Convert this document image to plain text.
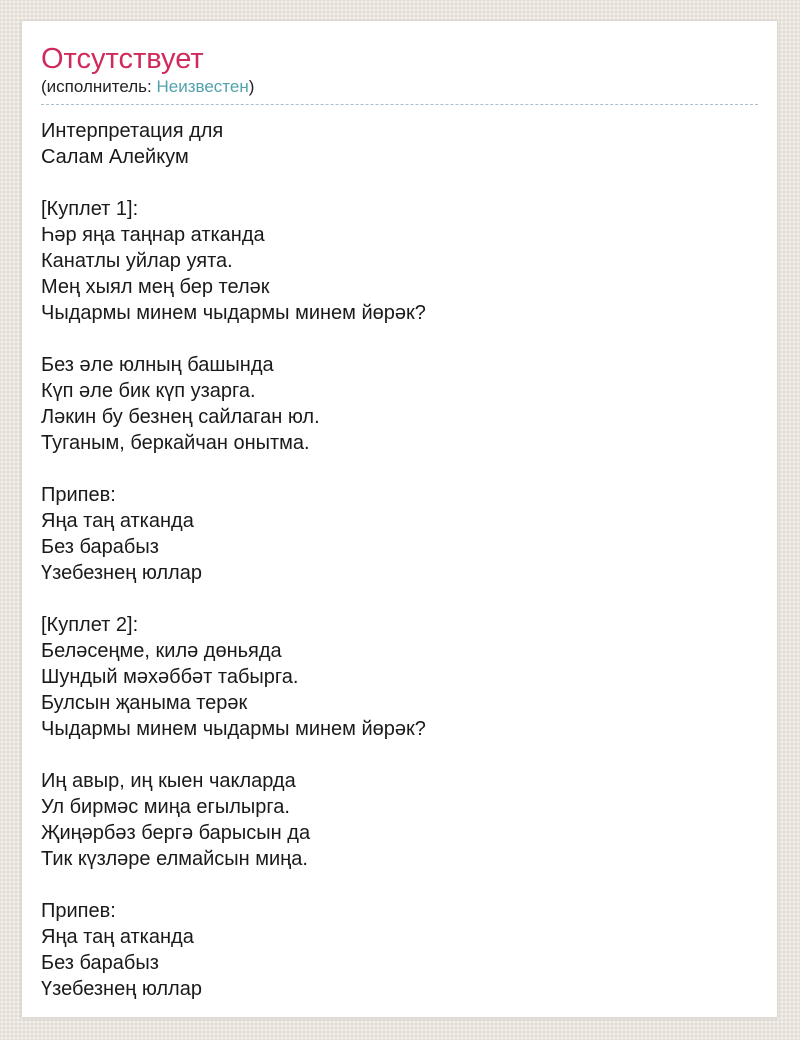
Отсутствует
(исполнитель: Неизвестен)
Интерпретация для
Салам Алейкум
[Куплет 1]:
Һәр яңа таңнар атканда
Канатлы уйлар уята.
Мең хыял мең бер теләк
Чыдармы минем чыдармы минем йөрәк?
Без әле юлның башында
Күп әле бик күп узарга.
Ләкин бу безнең сайлаган юл.
Туганым, беркайчан онытма.
Припев:
Яңа таң атканда
Без барабыз
Үзебезнең юллар
[Куплет 2]:
Беләсеңме, килә дөньяда
Шундый мәхәббәт табырга.
Булсын җаныма терәк
Чыдармы минем чыдармы минем йөрәк?
Иң авыр, иң кыен чакларда
Ул бирмәс миңа егылырга.
Җиңәрбәз бергә барысын да
Тик күзләре елмайсын миңа.
Припев:
Яңа таң атканда
Без барабыз
Үзебезнең юллар
